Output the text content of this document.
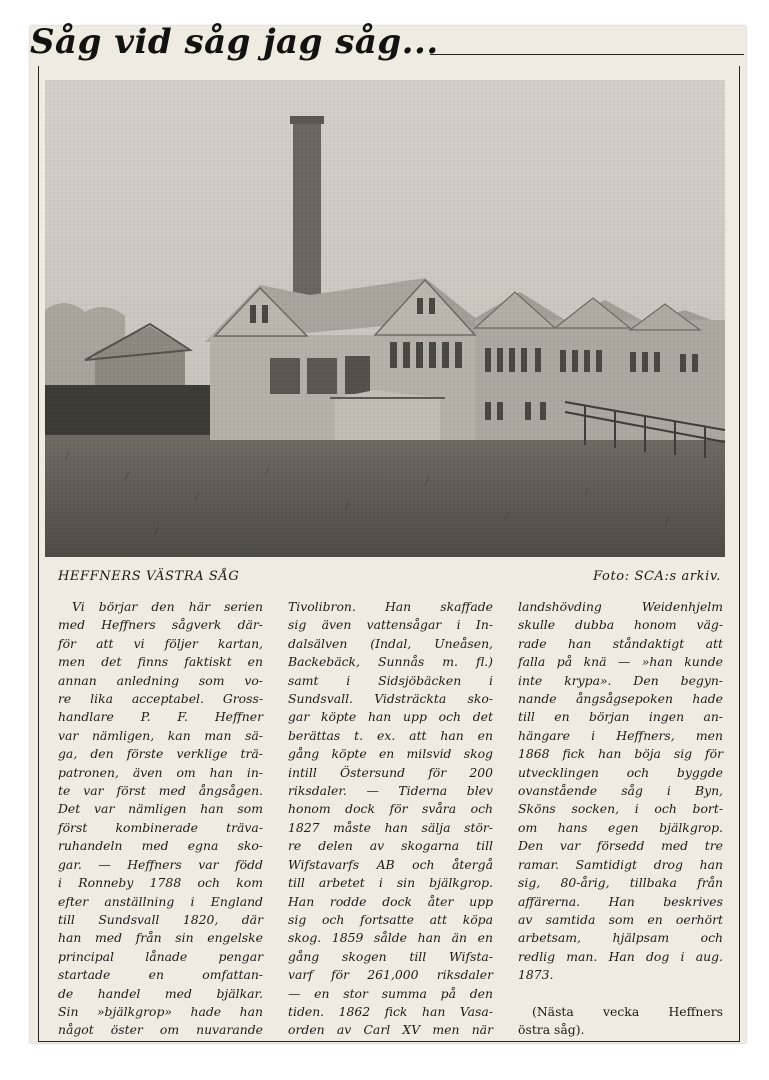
Såg vid såg jag såg...

HEFFNERS VÄSTRA SÅG	Foto: SCA:s arkiv.

Vi börjar den här serien
med Heffners sågverk där-
för att vi följer kartan,
men det finns faktiskt en
annan anledning som vo-
re lika acceptabel. Gross-
handlare P. F. Heffner
var nämligen, kan man sä-
ga, den förste verklige trä-
patronen, även om han in-
te var först med ångsågen.
Det var nämligen han som
först kombinerade träva-
ruhandeln med egna sko-
gar. — Heffners var född
i Ronneby 1788 och kom
efter anställning i England
till Sundsvall 1820, där
han med från sin engelske
principal lånade pengar
startade en omfattan-
de handel med bjälkar.
Sin »bjälkgrop» hade han
något öster om nuvarande
Tivolibron. Han skaffade
sig även vattensågar i In-
dalsälven (Indal, Uneåsen,
Backebäck, Sunnås m. fl.)
samt i Sidsjöbäcken i
Sundsvall. Vidsträckta sko-
gar köpte han upp och det
berättas t. ex. att han en
gång köpte en milsvid skog
intill Östersund för 200
riksdaler. — Tiderna blev
honom dock för svåra och
1827 måste han sälja stör-
re delen av skogarna till
Wifstavarfs AB och återgå
till arbetet i sin bjälkgrop.
Han rodde dock åter upp
sig och fortsatte att köpa
skog. 1859 sålde han än en
gång skogen till Wifsta-
varf för 261,000 riksdaler
— en stor summa på den
tiden. 1862 fick han Vasa-
orden av Carl XV men när
landshövding Weidenhjelm
skulle dubba honom väg-
rade han ståndaktigt att
falla på knä — »han kunde
inte krypa». Den begyn-
nande ångsågsepoken hade
till en början ingen an-
hängare i Heffners, men
1868 fick han böja sig för
utvecklingen och byggde
ovanstående såg i Byn,
Sköns socken, i och bort-
om hans egen bjälkgrop.
Den var försedd med tre
ramar. Samtidigt drog han
sig, 80-årig, tillbaka från
affärerna. Han beskrives
av samtida som en oerhört
arbetsam, hjälpsam och
redlig man. Han dog i aug.
1873.
(Nästa vecka Heffners
östra såg).
